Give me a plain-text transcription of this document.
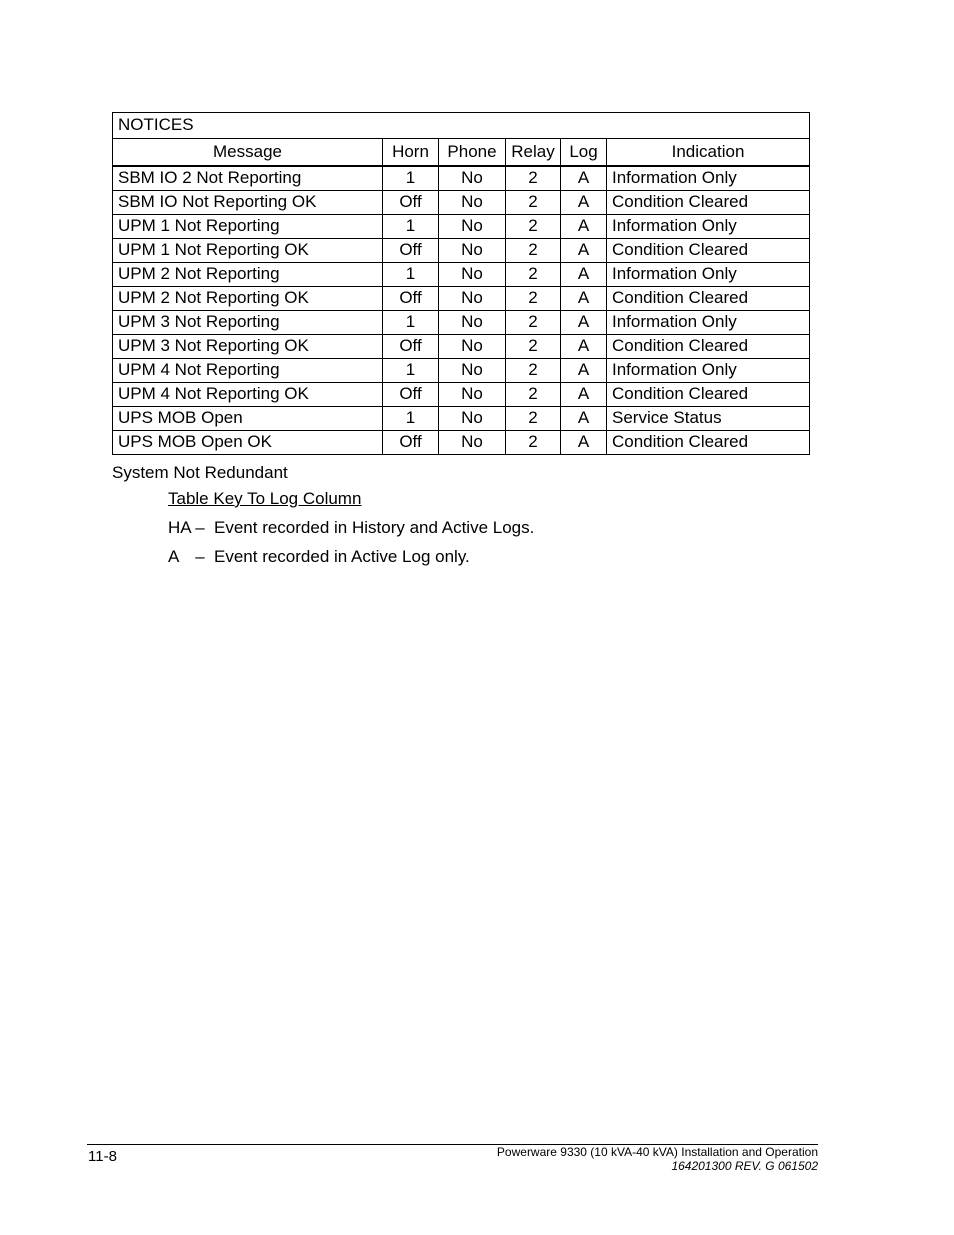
NOTICES					
Message	Horn	Phone	Relay	Log	Indication
SBM IO 2 Not Reporting	1	No	2	A	Information Only
SBM IO Not Reporting OK	Off	No	2	A	Condition Cleared
UPM 1 Not Reporting	1	No	2	A	Information Only
UPM 1 Not Reporting OK	Off	No	2	A	Condition Cleared
UPM 2 Not Reporting	1	No	2	A	Information Only
UPM 2 Not Reporting OK	Off	No	2	A	Condition Cleared
UPM 3 Not Reporting	1	No	2	A	Information Only
UPM 3 Not Reporting OK	Off	No	2	A	Condition Cleared
UPM 4 Not Reporting	1	No	2	A	Information Only
UPM 4 Not Reporting OK	Off	No	2	A	Condition Cleared
UPS MOB Open	1	No	2	A	Service Status
UPS MOB Open OK	Off	No	2	A	Condition Cleared
System Not Redundant
Table Key To Log Column
HA – Event recorded in History and Active Logs.
A – Event recorded in Active Log only.
11-8	Powerware 9330 (10 kVA-40 kVA) Installation and Operation
164201300 REV. G 061502
